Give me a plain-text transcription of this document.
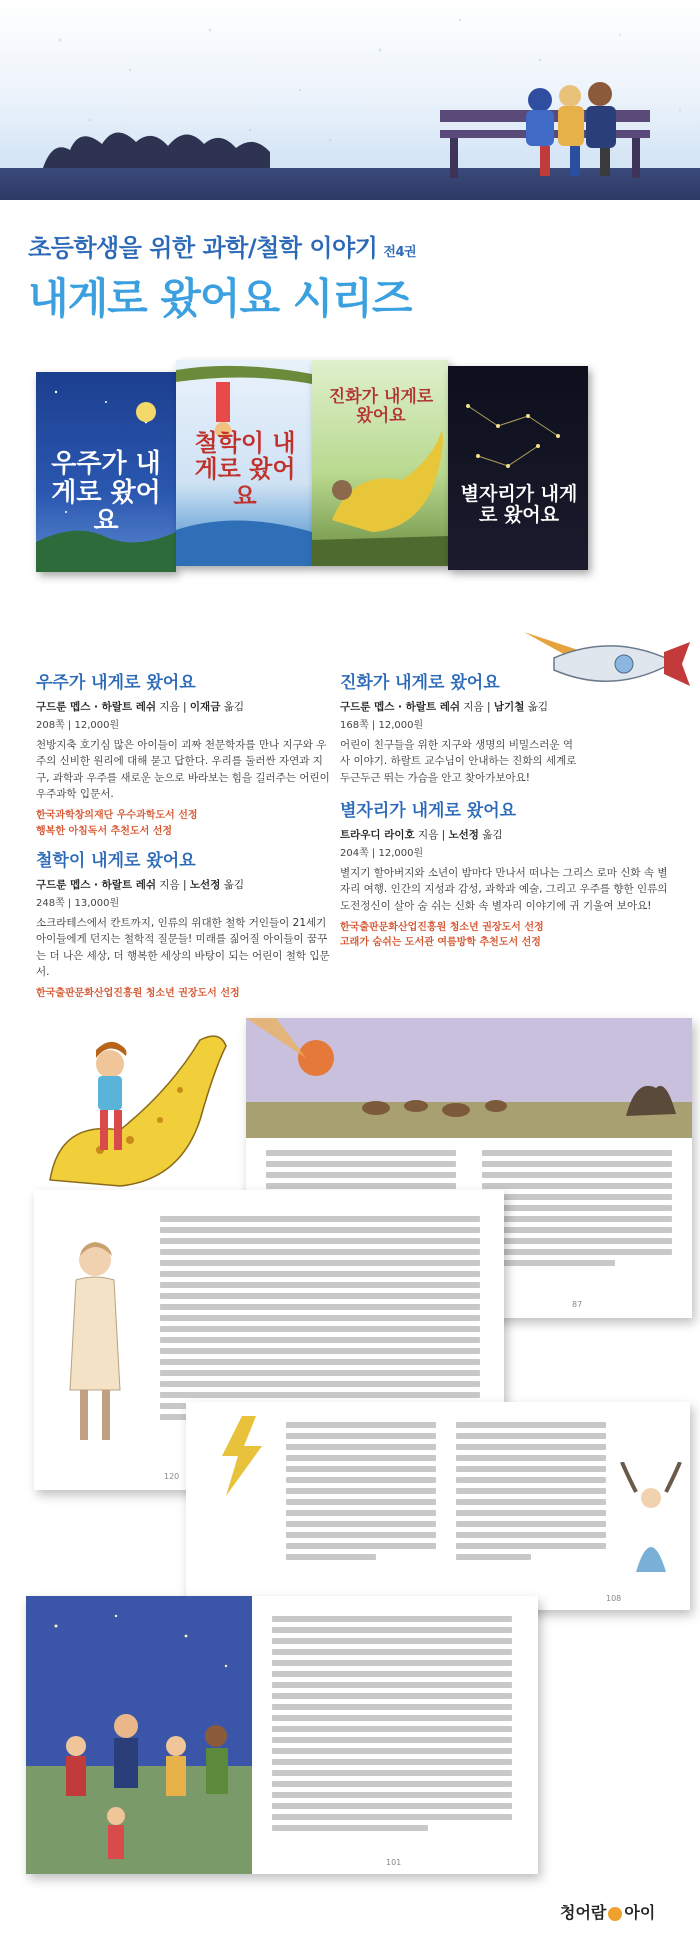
초등학생을 위한 과학/철학 이야기 전4권
내게로 왔어요 시리즈
우주가 내게로 왔어요
철학이 내게로 왔어요
진화가 내게로 왔어요
별자리가 내게로 왔어요
우주가 내게로 왔어요
구드룬 멥스 · 하랄트 레쉬 지음 | 이재금 옮김
208쪽 | 12,000원
천방지축 호기심 많은 아이들이 괴짜 천문학자를 만나 지구와 우주의 신비한 원리에 대해 묻고 답한다. 우리를 둘러싼 자연과 지구, 과학과 우주를 새로운 눈으로 바라보는 힘을 길러주는 어린이 우주과학 입문서.
한국과학창의재단 우수과학도서 선정
행복한 아침독서 추천도서 선정
철학이 내게로 왔어요
구드룬 멥스 · 하랄트 레쉬 지음 | 노선정 옮김
248쪽 | 13,000원
소크라테스에서 칸트까지, 인류의 위대한 철학 거인들이 21세기 아이들에게 던지는 철학적 질문들! 미래를 짊어질 아이들이 꿈꾸는 더 나은 세상, 더 행복한 세상의 바탕이 되는 어린이 철학 입문서.
한국출판문화산업진흥원 청소년 권장도서 선정
진화가 내게로 왔어요
구드룬 멥스 · 하랄트 레쉬 지음 | 남기철 옮김
168쪽 | 12,000원
어린이 친구들을 위한 지구와 생명의 비밀스러운 역사 이야기. 하랄트 교수님이 안내하는 진화의 세계로 두근두근 뛰는 가슴을 안고 찾아가보아요!
별자리가 내게로 왔어요
트라우디 라이호 지음 | 노선정 옮김
204쪽 | 12,000원
별지기 할아버지와 소년이 밤마다 만나서 떠나는 그리스 로마 신화 속 별자리 여행. 인간의 지성과 감성, 과학과 예술, 그리고 우주를 향한 인류의 도전정신이 살아 숨 쉬는 신화 속 별자리 이야기에 귀 기울여 보아요!
한국출판문화산업진흥원 청소년 권장도서 선정
고래가 숨쉬는 도서관 여름방학 추천도서 선정
87
120
108
101
청어람 아이
